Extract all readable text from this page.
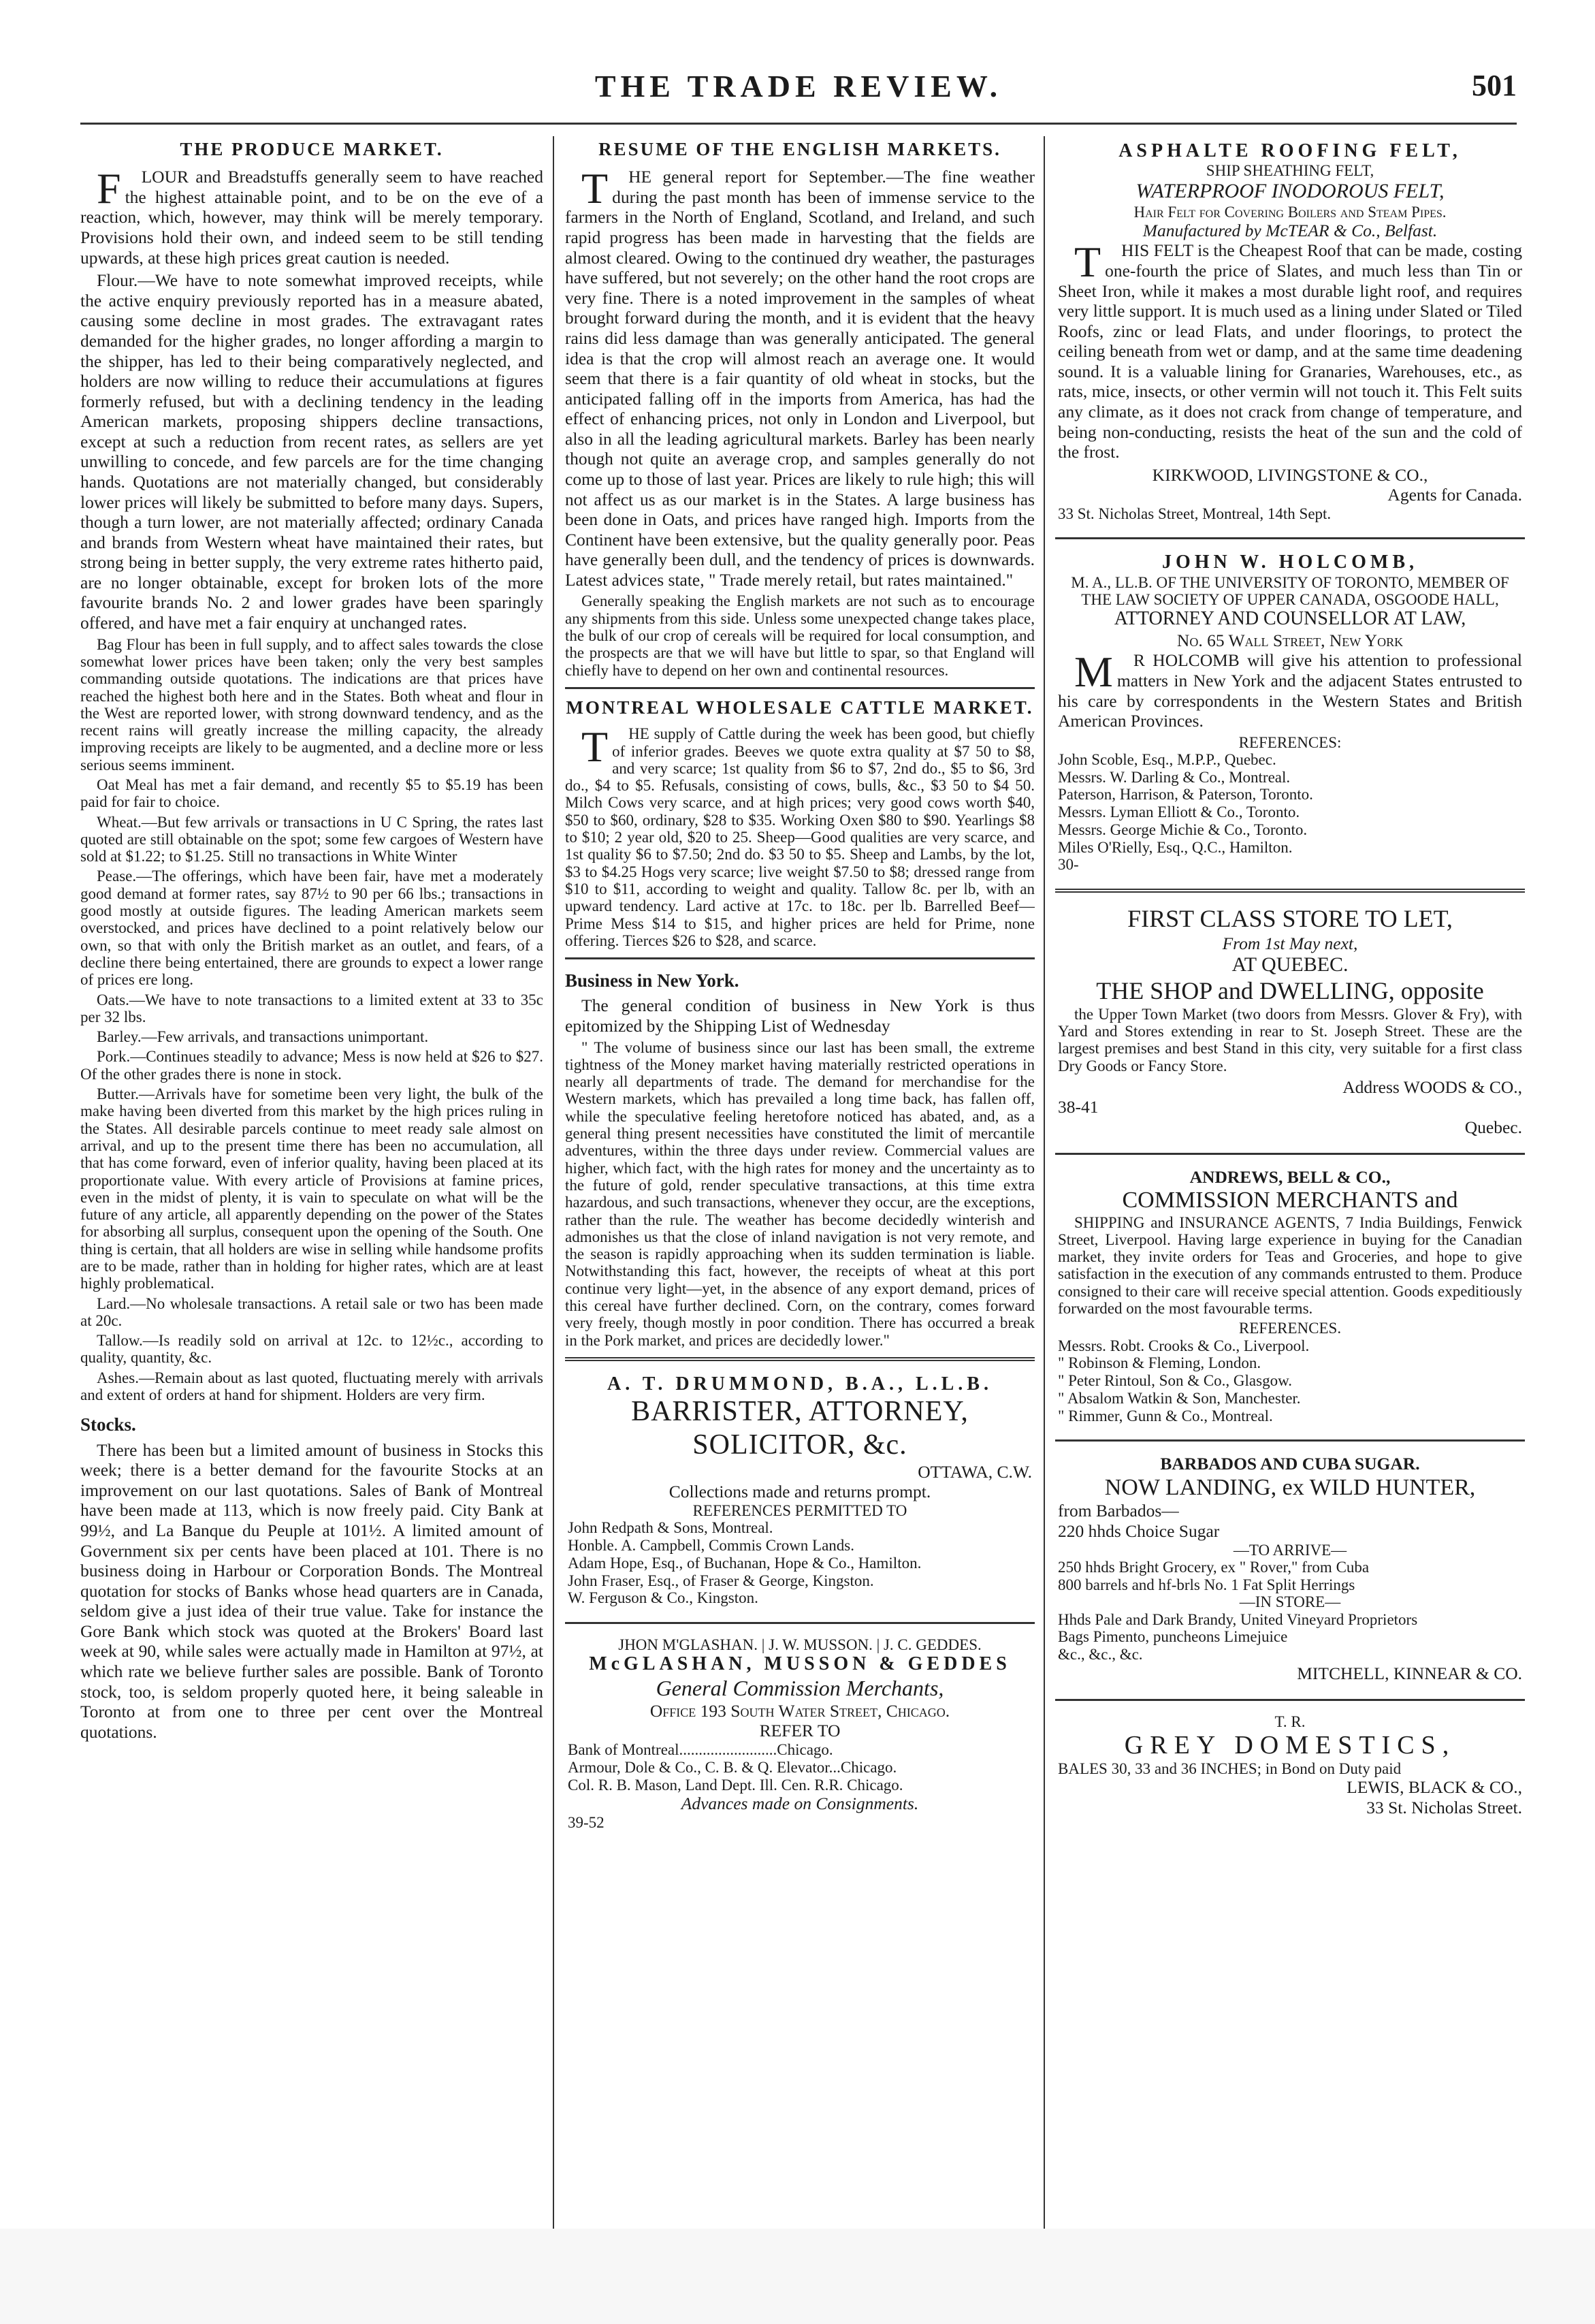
THE TRADE REVIEW.	501
THE PRODUCE MARKET.

FLOUR and Breadstuffs generally seem to have reached the highest attainable point, and to be on the eve of a reaction, which, however, may think will be merely temporary. Provisions hold their own, and indeed seem to be still tending upwards, at these high prices great caution is needed.

Flour.—We have to note somewhat improved receipts, while the active enquiry previously reported has in a measure abated, causing some decline in most grades. The extravagant rates demanded for the higher grades, no longer affording a margin to the shipper, has led to their being comparatively neglected, and holders are now willing to reduce their accumulations at figures formerly refused, but with a declining tendency in the leading American markets, proposing shippers decline transactions, except at such a reduction from recent rates, as sellers are yet unwilling to concede, and few parcels are for the time changing hands. Quotations are not materially changed, but considerably lower prices will likely be submitted to before many days. Supers, though a turn lower, are not materially affected; ordinary Canada and brands from Western wheat have maintained their rates, but strong being in better supply, the very extreme rates hitherto paid, are no longer obtainable, except for broken lots of the more favourite brands No. 2 and lower grades have been sparingly offered, and have met a fair enquiry at unchanged rates.

Bag Flour has been in full supply, and to affect sales towards the close somewhat lower prices have been taken; only the very best samples commanding outside quotations. The indications are that prices have reached the highest both here and in the States. Both wheat and flour in the West are reported lower, with strong downward tendency, and as the recent rains will greatly increase the milling capacity, the already improving receipts are likely to be augmented, and a decline more or less serious seems imminent.

Oat Meal has met a fair demand, and recently $5 to $5.19 has been paid for fair to choice.

Wheat.—But few arrivals or transactions in U C Spring, the rates last quoted are still obtainable on the spot; some few cargoes of Western have sold at $1.22; to $1.25. Still no transactions in White Winter

Pease.—The offerings, which have been fair, have met a moderately good demand at former rates, say 87½ to 90 per 66 lbs.; transactions in good mostly at outside figures. The leading American markets seem overstocked, and prices have declined to a point relatively below our own, so that with only the British market as an outlet, and fears, of a decline there being entertained, there are grounds to expect a lower range of prices ere long.

Oats.—We have to note transactions to a limited extent at 33 to 35c per 32 lbs.

Barley.—Few arrivals, and transactions unimportant.

Pork.—Continues steadily to advance; Mess is now held at $26 to $27. Of the other grades there is none in stock.

Butter.—Arrivals have for sometime been very light, the bulk of the make having been diverted from this market by the high prices ruling in the States. All desirable parcels continue to meet ready sale almost on arrival, and up to the present time there has been no accumulation, all that has come forward, even of inferior quality, having been placed at its proportionate value. With every article of Provisions at famine prices, even in the midst of plenty, it is vain to speculate on what will be the future of any article, all apparently depending on the power of the States for absorbing all surplus, consequent upon the opening of the South. One thing is certain, that all holders are wise in selling while handsome profits are to be made, rather than in holding for higher rates, which are at least highly problematical.

Lard.—No wholesale transactions. A retail sale or two has been made at 20c.

Tallow.—Is readily sold on arrival at 12c. to 12½c., according to quality, quantity, &c.

Ashes.—Remain about as last quoted, fluctuating merely with arrivals and extent of orders at hand for shipment. Holders are very firm.

Stocks.

There has been but a limited amount of business in Stocks this week; there is a better demand for the favourite Stocks at an improvement on our last quotations. Sales of Bank of Montreal have been made at 113, which is now freely paid. City Bank at 99½, and La Banque du Peuple at 101½. A limited amount of Government six per cents have been placed at 101. There is no business doing in Harbour or Corporation Bonds. The Montreal quotation for stocks of Banks whose head quarters are in Canada, seldom give a just idea of their true value. Take for instance the Gore Bank which stock was quoted at the Brokers' Board last week at 90, while sales were actually made in Hamilton at 97½, at which rate we believe further sales are possible. Bank of Toronto stock, too, is seldom properly quoted here, it being saleable in Toronto at from one to three per cent over the Montreal quotations.

RESUME OF THE ENGLISH MARKETS.

THE general report for September.—The fine weather during the past month has been of immense service to the farmers in the North of England, Scotland, and Ireland, and such rapid progress has been made in harvesting that the fields are almost cleared. Owing to the continued dry weather, the pasturages have suffered, but not severely; on the other hand the root crops are very fine. There is a noted improvement in the samples of wheat brought forward during the month, and it is evident that the heavy rains did less damage than was generally anticipated. The general idea is that the crop will almost reach an average one. It would seem that there is a fair quantity of old wheat in stocks, but the anticipated falling off in the imports from America, has had the effect of enhancing prices, not only in London and Liverpool, but also in all the leading agricultural markets. Barley has been nearly though not quite an average crop, and samples generally do not come up to those of last year. Prices are likely to rule high; this will not affect us as our market is in the States. A large business has been done in Oats, and prices have ranged high. Imports from the Continent have been extensive, but the quality generally poor. Peas have generally been dull, and the tendency of prices is downwards. Latest advices state, " Trade merely retail, but rates maintained."

Generally speaking the English markets are not such as to encourage any shipments from this side. Unless some unexpected change takes place, the bulk of our crop of cereals will be required for local consumption, and the prospects are that we will have but little to spar, so that England will chiefly have to depend on her own and continental resources.

MONTREAL WHOLESALE CATTLE MARKET.

THE supply of Cattle during the week has been good, but chiefly of inferior grades. Beeves we quote extra quality at $7 50 to $8, and very scarce; 1st quality from $6 to $7, 2nd do., $5 to $6, 3rd do., $4 to $5. Refusals, consisting of cows, bulls, &c., $3 50 to $4 50. Milch Cows very scarce, and at high prices; very good cows worth $40, $50 to $60, ordinary, $28 to $35. Working Oxen $80 to $90. Yearlings $8 to $10; 2 year old, $20 to 25. Sheep—Good qualities are very scarce, and 1st quality $6 to $7.50; 2nd do. $3 50 to $5. Sheep and Lambs, by the lot, $3 to $4.25 Hogs very scarce; live weight $7.50 to $8; dressed range from $10 to $11, according to weight and quality. Tallow 8c. per lb, with an upward tendency. Lard active at 17c. to 18c. per lb. Barrelled Beef—Prime Mess $14 to $15, and higher prices are held for Prime, none offering. Tierces $26 to $28, and scarce.

Business in New York.

The general condition of business in New York is thus epitomized by the Shipping List of Wednesday

" The volume of business since our last has been small, the extreme tightness of the Money market having materially restricted operations in nearly all departments of trade. The demand for merchandise for the Western markets, which has prevailed a long time back, has fallen off, while the speculative feeling heretofore noticed has abated, and, as a general thing present necessities have constituted the limit of mercantile adventures, within the three days under review. Commercial values are higher, which fact, with the high rates for money and the uncertainty as to the future of gold, render speculative transactions, at this time extra hazardous, and such transactions, whenever they occur, are the exceptions, rather than the rule. The weather has become decidedly winterish and admonishes us that the close of inland navigation is not very remote, and the season is rapidly approaching when its sudden termination is liable. Notwithstanding this fact, however, the receipts of wheat at this port continue very light—yet, in the absence of any export demand, prices of this cereal have further declined. Corn, on the contrary, comes forward very freely, though mostly in poor condition. There has occurred a break in the Pork market, and prices are decidedly lower."

A. T. DRUMMOND, B.A., L.L.B.
BARRISTER, ATTORNEY, SOLICITOR, &c.
OTTAWA, C.W.
Collections made and returns prompt.
REFERENCES PERMITTED TO
John Redpath & Sons, Montreal.
Honble. A. Campbell, Commis Crown Lands.
Adam Hope, Esq., of Buchanan, Hope & Co., Hamilton.
John Fraser, Esq., of Fraser & George, Kingston.
W. Ferguson & Co., Kingston.
JHON M'GLASHAN. | J. W. MUSSON. | J. C. GEDDES.
McGLASHAN, MUSSON & GEDDES
General Commission Merchants,
Office 193 South Water Street, Chicago.
REFER TO
Bank of Montreal.........................Chicago.
Armour, Dole & Co., C. B. & Q. Elevator...Chicago.
Col. R. B. Mason, Land Dept. Ill. Cen. R.R. Chicago.
Advances made on Consignments.
39-52
ASPHALTE ROOFING FELT,
SHIP SHEATHING FELT,
WATERPROOF INODOROUS FELT,
Hair Felt for Covering Boilers and Steam Pipes.
Manufactured by McTEAR & Co., Belfast.

THIS FELT is the Cheapest Roof that can be made, costing one-fourth the price of Slates, and much less than Tin or Sheet Iron, while it makes a most durable light roof, and requires very little support. It is much used as a lining under Slated or Tiled Roofs, zinc or lead Flats, and under floorings, to protect the ceiling beneath from wet or damp, and at the same time deadening sound. It is a valuable lining for Granaries, Warehouses, etc., as rats, mice, insects, or other vermin will not touch it. This Felt suits any climate, as it does not crack from change of temperature, and being non-conducting, resists the heat of the sun and the cold of the frost.

KIRKWOOD, LIVINGSTONE & CO.,
Agents for Canada.
33 St. Nicholas Street, Montreal, 14th Sept.
JOHN W. HOLCOMB,
M. A., LL.B. OF THE UNIVERSITY OF TORONTO, MEMBER OF THE LAW SOCIETY OF UPPER CANADA, OSGOODE HALL,
ATTORNEY AND COUNSELLOR AT LAW,
No. 65 Wall Street, New York

MR HOLCOMB will give his attention to professional matters in New York and the adjacent States entrusted to his care by correspondents in the Western States and British American Provinces.

REFERENCES:
John Scoble, Esq., M.P.P., Quebec.
Messrs. W. Darling & Co., Montreal.
Paterson, Harrison, & Paterson, Toronto.
Messrs. Lyman Elliott & Co., Toronto.
Messrs. George Michie & Co., Toronto.
Miles O'Rielly, Esq., Q.C., Hamilton.
30-
FIRST CLASS STORE TO LET,
From 1st May next,
AT QUEBEC.
THE SHOP and DWELLING, opposite

the Upper Town Market (two doors from Messrs. Glover & Fry), with Yard and Stores extending in rear to St. Joseph Street. These are the largest premises and best Stand in this city, very suitable for a first class Dry Goods or Fancy Store.

Address WOODS & CO.,
38-41
Quebec.
ANDREWS, BELL & CO.,
COMMISSION MERCHANTS and

SHIPPING and INSURANCE AGENTS, 7 India Buildings, Fenwick Street, Liverpool. Having large experience in buying for the Canadian market, they invite orders for Teas and Groceries, and hope to give satisfaction in the execution of any commands entrusted to them. Produce consigned to their care will receive special attention. Goods expeditiously forwarded on the most favourable terms.

REFERENCES.
Messrs. Robt. Crooks & Co., Liverpool.
" Robinson & Fleming, London.
" Peter Rintoul, Son & Co., Glasgow.
" Absalom Watkin & Son, Manchester.
" Rimmer, Gunn & Co., Montreal.
BARBADOS AND CUBA SUGAR.
NOW LANDING, ex WILD HUNTER,
from Barbados—
220 hhds Choice Sugar
—TO ARRIVE—
250 hhds Bright Grocery, ex " Rover," from Cuba
800 barrels and hf-brls No. 1 Fat Split Herrings
—IN STORE—
Hhds Pale and Dark Brandy, United Vineyard Proprietors
Bags Pimento, puncheons Limejuice
&c., &c., &c.
MITCHELL, KINNEAR & CO.
T. R.
GREY DOMESTICS,
BALES 30, 33 and 36 INCHES; in Bond on Duty paid
LEWIS, BLACK & CO.,
33 St. Nicholas Street.
